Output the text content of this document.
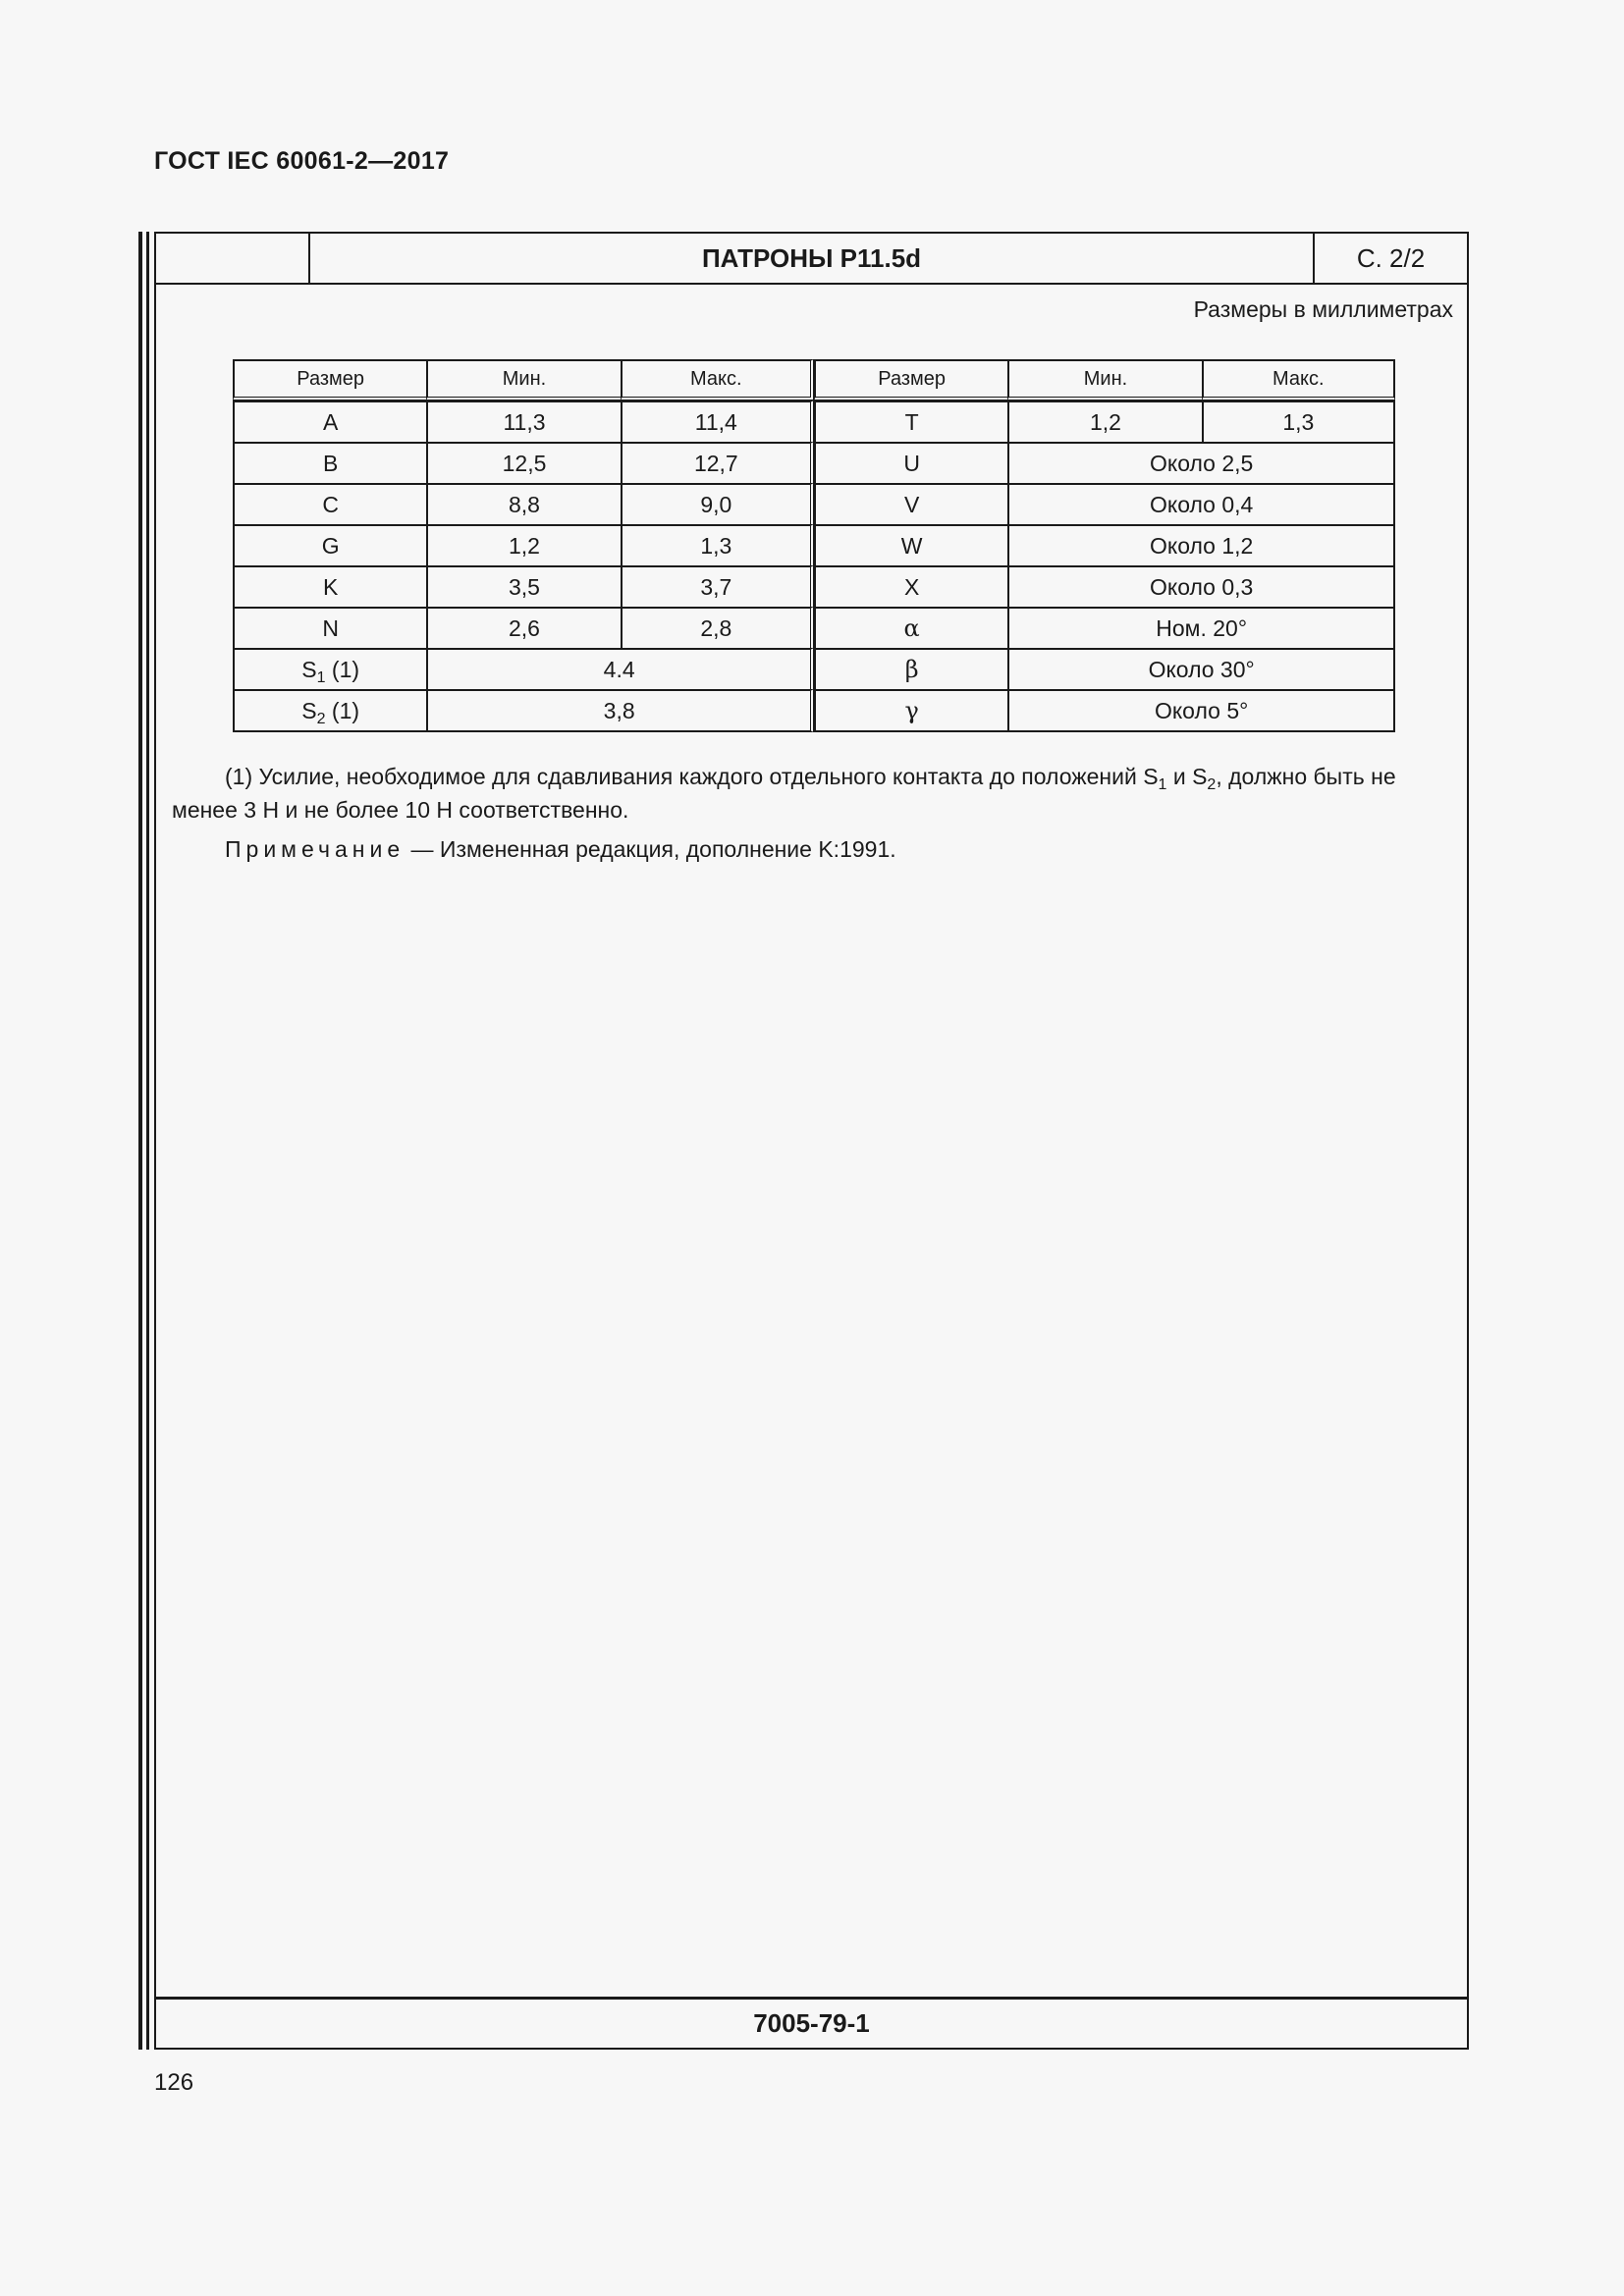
ГОСТ IEC 60061-2—2017
ПАТРОНЫ P11.5d	С. 2/2
Размеры в миллиметрах
Размер	Мин.	Макс.	Размер	Мин.	Макс.
A	11,3	11,4	T	1,2	1,3
B	12,5	12,7	U	Около 2,5	
C	8,8	9,0	V	Около 0,4	
G	1,2	1,3	W	Около 1,2	
K	3,5	3,7	X	Около 0,3	
N	2,6	2,8	α	Ном. 20°	
$S_1$ (1)	4.4		β	Около 30°	
$S_2$ (1)	3,8		γ	Около 5°	
(1) Усилие, необходимое для сдавливания каждого отдельного контакта до положений $S_1$ и $S_2$, должно быть не менее 3 Н и не более 10 Н соответственно.
Примечание — Измененная редакция, дополнение K:1991.
7005-79-1
126
